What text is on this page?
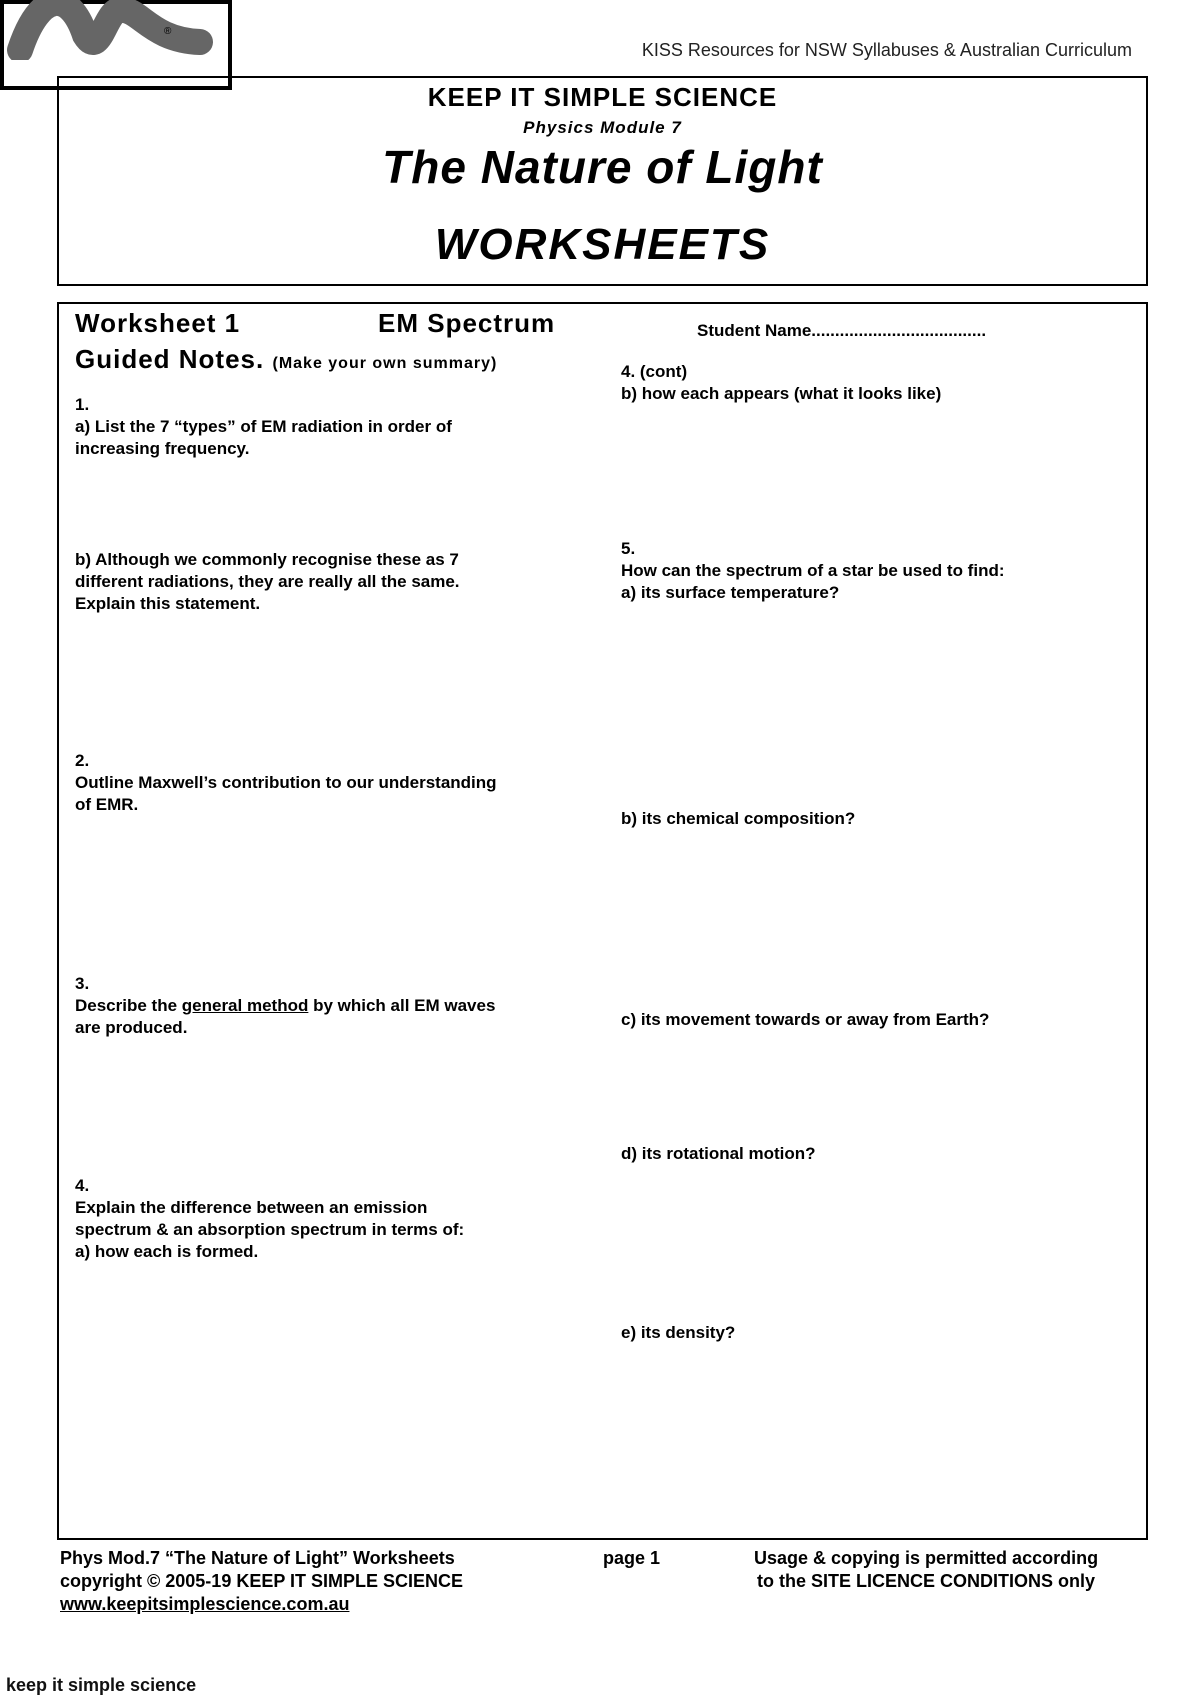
KISS Resources for NSW Syllabuses & Australian Curriculum
®
keep it simple science
KEEP IT SIMPLE SCIENCE
Physics Module 7
The Nature of Light
WORKSHEETS
Worksheet 1	EM Spectrum
Guided Notes. (Make your own summary)
Student Name.....................................
1.
a) List the 7 “types” of EM radiation in order of
increasing frequency.
b) Although we commonly recognise these as 7
different radiations, they are really all the same.
Explain this statement.
2.
Outline Maxwell’s contribution to our understanding
of EMR.
3.
Describe the general method by which all EM waves
are produced.
4.
Explain the difference between an emission
spectrum & an absorption spectrum in terms of:
a) how each is formed.
4. (cont)
b) how each appears (what it looks like)
5.
How can the spectrum of a star be used to find:
a) its surface temperature?
b) its chemical composition?
c) its movement towards or away from Earth?
d) its rotational motion?
e) its density?
Phys Mod.7 “The Nature of Light” Worksheets
copyright © 2005-19 KEEP IT SIMPLE SCIENCE
www.keepitsimplescience.com.au
page 1	Usage & copying is permitted according
to the SITE LICENCE CONDITIONS only
